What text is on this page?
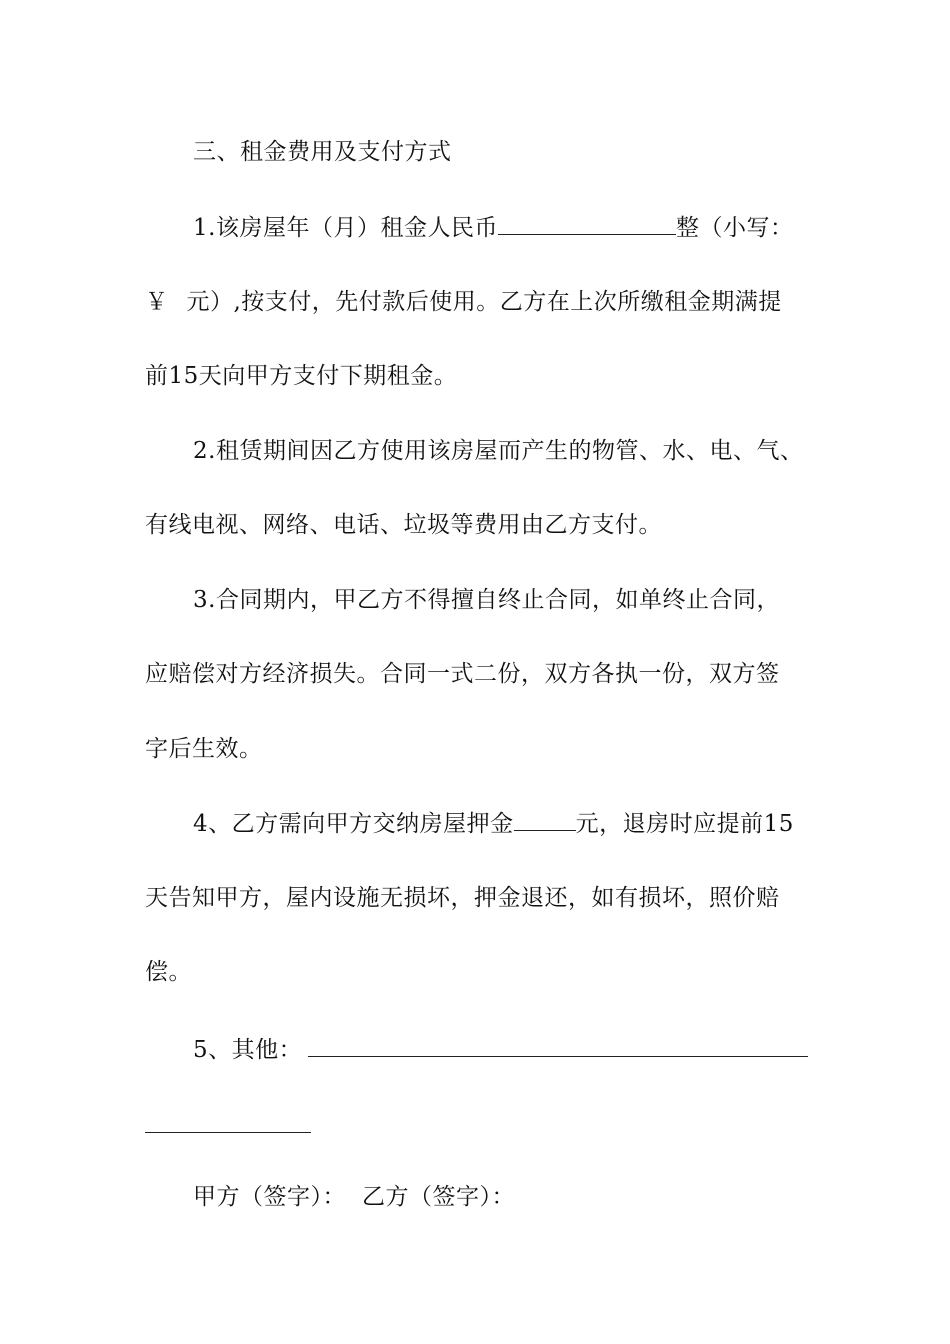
三、租金费用及支付方式
1.该房屋年（月）租金人民币	整（小写：
￥ 元）,按支付，先付款后使用。乙方在上次所缴租金期满提
前15天向甲方支付下期租金。
2.租赁期间因乙方使用该房屋而产生的物管、水、电、气、
有线电视、网络、电话、垃圾等费用由乙方支付。
3.合同期内，甲乙方不得擅自终止合同，如单终止合同，
应赔偿对方经济损失。合同一式二份，双方各执一份，双方签
字后生效。
4、乙方需向甲方交纳房屋押金	元，退房时应提前15
天告知甲方，屋内设施无损坏，押金退还，如有损坏，照价赔
偿。
5、其他：
甲方（签字）： 乙方（签字）：
